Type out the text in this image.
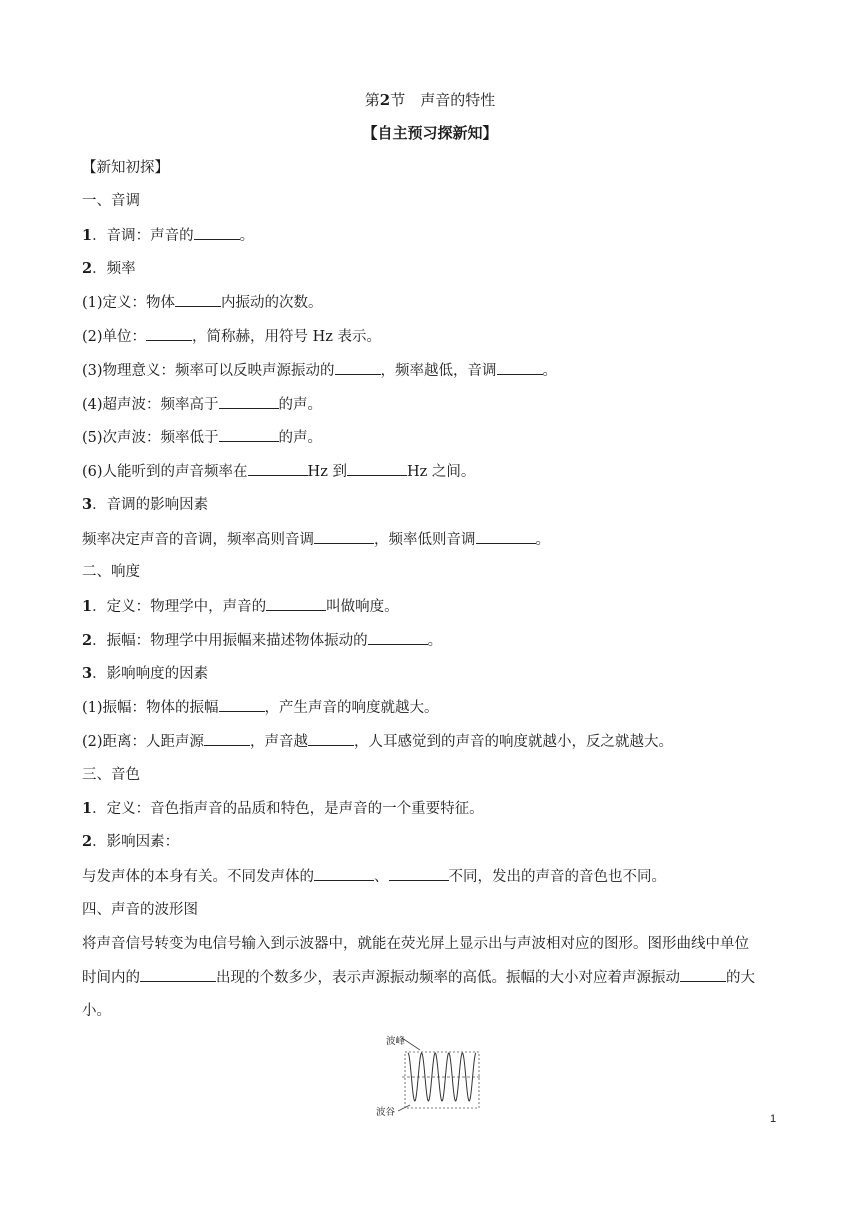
第2节　声音的特性
【自主预习探新知】
【新知初探】
一、音调
1．音调：声音的	。
2．频率
(1)定义：物体	内振动的次数。
(2)单位：	，简称赫，用符号 Hz 表示。
(3)物理意义：频率可以反映声源振动的	，频率越低，音调	。
(4)超声波：频率高于	的声。
(5)次声波：频率低于	的声。
(6)人能听到的声音频率在	Hz 到	Hz 之间。
3．音调的影响因素
频率决定声音的音调，频率高则音调	，频率低则音调	。
二、响度
1．定义：物理学中，声音的	叫做响度。
2．振幅：物理学中用振幅来描述物体振动的	。
3．影响响度的因素
(1)振幅：物体的振幅	，产生声音的响度就越大。
(2)距离：人距声源	，声音越	，人耳感觉到的声音的响度就越小，反之就越大。
三、音色
1．定义：音色指声音的品质和特色，是声音的一个重要特征。
2．影响因素：
与发声体的本身有关。不同发声体的	、	不同，发出的声音的音色也不同。
四、声音的波形图
将声音信号转变为电信号输入到示波器中，就能在荧光屏上显示出与声波相对应的图形。图形曲线中单位
时间内的	出现的个数多少，表示声源振动频率的高低。振幅的大小对应着声源振动	的大
小。
波峰
波谷
1
